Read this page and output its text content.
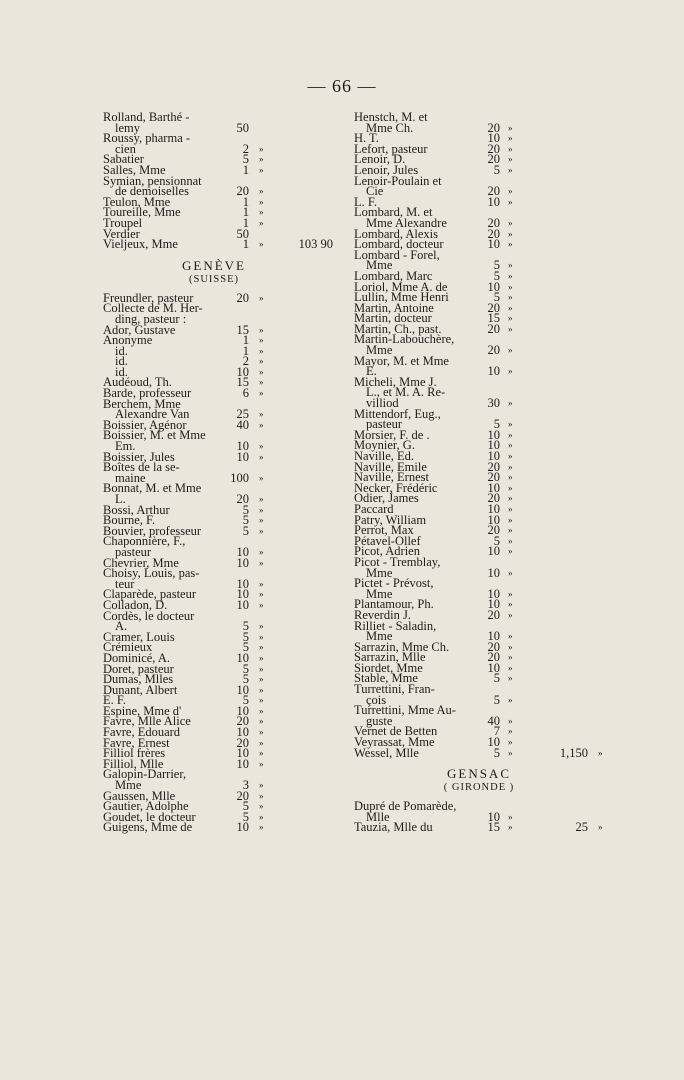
— 66 —
Rolland, Barthé -
lemy	50
Roussy, pharma -
cien	2 »
Sabatier	5 »
Salles, Mme	1 »
Symian, pensionnat
de demoiselles	20 »
Teulon, Mme	1 »
Toureille, Mme	1 »
Troupel	1 »
Verdier	50
Vieljeux, Mme	1 »	103 90
GENÈVE
(SUISSE)
Freundler, pasteur	20 »
Collecte de M. Her-
ding, pasteur :
Ador, Gustave	15 »
Anonyme	1 »
id.	1 »
id.	2 »
id.	10 »
Audéoud, Th.	15 »
Barde, professeur	6 »
Berchem, Mme
Alexandre Van	25 »
Boissier, Agénor	40 »
Boissier, M. et Mme
Em.	10 »
Boissier, Jules	10 »
Boîtes de la se-
maine	100 »
Bonnat, M. et Mme
L.	20 »
Bossi, Arthur	5 »
Bourne, F.	5 »
Bouvier, professeur	5 »
Chaponnière, F.,
pasteur	10 »
Chevrier, Mme	10 »
Choisy, Louis, pas-
teur	10 »
Claparède, pasteur	10 »
Colladon, D.	10 »
Cordès, le docteur
A.	5 »
Cramer, Louis	5 »
Crémieux	5 »
Dominicé, A.	10 »
Doret, pasteur	5 »
Dumas, Mlles	5 »
Dunant, Albert	10 »
E. F.	5 »
Espine, Mme d'	10 »
Favre, Mlle Alice	20 »
Favre, Edouard	10 »
Favre, Ernest	20 »
Filliol frères	10 »
Filliol, Mlle	10 »
Galopin-Darrier,
Mme	3 »
Gaussen, Mlle	20 »
Gautier, Adolphe	5 »
Goudet, le docteur	5 »
Guigens, Mme de	10 »
Henstch, M. et
Mme Ch.	20 »
H. T.	10 »
Lefort, pasteur	20 »
Lenoir, D.	20 »
Lenoir, Jules	5 »
Lenoir-Poulain et
Cie	20 »
L. F.	10 »
Lombard, M. et
Mme Alexandre	20 »
Lombard, Alexis	20 »
Lombard, docteur	10 »
Lombard - Forel,
Mme	5 »
Lombard, Marc	5 »
Loriol, Mme A. de	10 »
Lullin, Mme Henri	5 »
Martin, Antoine	20 »
Martin, docteur	15 »
Martin, Ch., past.	20 »
Martin-Labouchère,
Mme	20 »
Mayor, M. et Mme
E.	10 »
Micheli, Mme J.
L., et M. A. Re-
villiod	30 »
Mittendorf, Eug.,
pasteur	5 »
Morsier, F. de .	10 »
Moynier, G.	10 »
Naville, Ed.	10 »
Naville, Emile	20 »
Naville, Ernest	20 »
Necker, Frédéric	10 »
Odier, James	20 »
Paccard	10 »
Patry, William	10 »
Perrot, Max	20 »
Pétavel-Ollef	5 »
Picot, Adrien	10 »
Picot - Tremblay,
Mme	10 »
Pictet - Prévost,
Mme	10 »
Plantamour, Ph.	10 »
Reverdin J.	20 »
Rilliet - Saladin,
Mme	10 »
Sarrazin, Mme Ch.	20 »
Sarrazin, Mlle	20 »
Siordet, Mme	10 »
Stable, Mme	5 »
Turrettini, Fran-
çois	5 »
Turrettini, Mme Au-
guste	40 »
Vernet de Betten	7 »
Veyrassat, Mme	10 »
Wessel, Mlle	5 »	1,150 »
GENSAC
( GIRONDE )
Dupré de Pomarède,
Mlle	10 »
Tauzia, Mlle du	15 »	25 »
